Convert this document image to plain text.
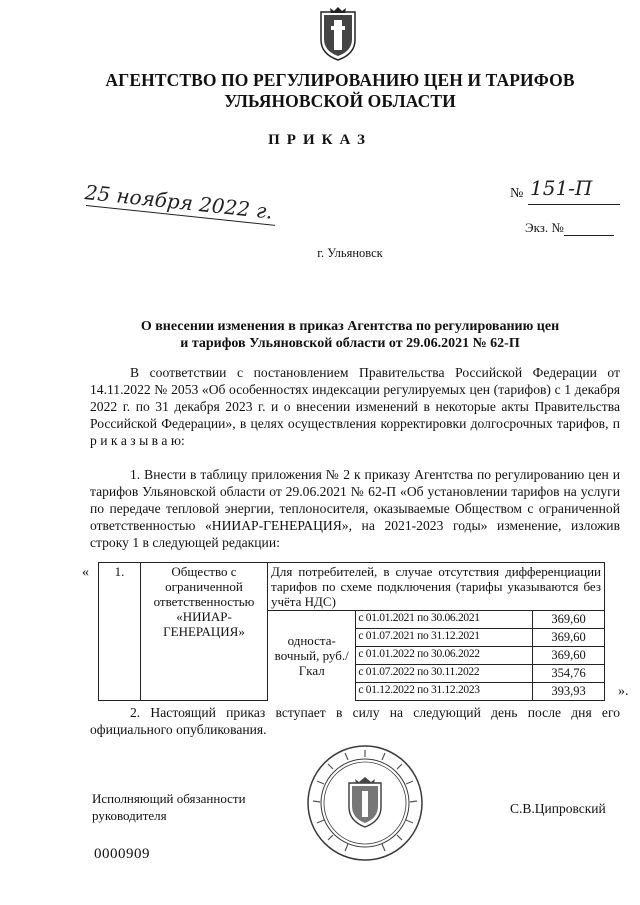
АГЕНТСТВО ПО РЕГУЛИРОВАНИЮ ЦЕН И ТАРИФОВ
УЛЬЯНОВСКОЙ ОБЛАСТИ
ПРИКАЗ
25 ноября 2022 г.	№ 151-П
Экз. №
г. Ульяновск
О внесении изменения в приказ Агентства по регулированию цен
и тарифов Ульяновской области от 29.06.2021 № 62-П
В соответствии с постановлением Правительства Российской Федерации от 14.11.2022 № 2053 «Об особенностях индексации регулируемых цен (тарифов) с 1 декабря 2022 г. по 31 декабря 2023 г. и о внесении изменений в некоторые акты Правительства Российской Федерации», в целях осуществления корректировки долгосрочных тарифов, п р и к а з ы в а ю:
1. Внести в таблицу приложения № 2 к приказу Агентства по регулированию цен и тарифов Ульяновской области от 29.06.2021 № 62-П «Об установлении тарифов на услуги по передаче тепловой энергии, теплоносителя, оказываемые Обществом с ограниченной ответственностью «НИИАР-ГЕНЕРАЦИЯ», на 2021-2023 годы» изменение, изложив строку 1 в следующей редакции:
« 1.	Общество с ограниченной ответственностью «НИИАР-ГЕНЕРАЦИЯ»	Для потребителей, в случае отсутствия дифференциации тарифов по схеме подключения (тарифы указываются без учёта НДС)		
		односта-вочный, руб./Гкал	с 01.01.2021 по 30.06.2021	369,60
			с 01.07.2021 по 31.12.2021	369,60
			с 01.01.2022 по 30.06.2022	369,60
			с 01.07.2022 по 30.11.2022	354,76
			с 01.12.2022 по 31.12.2023	393,93 ».
2. Настоящий приказ вступает в силу на следующий день после дня его официального опубликования.
Исполняющий обязанности
руководителя	С.В.Ципровский
0000909
